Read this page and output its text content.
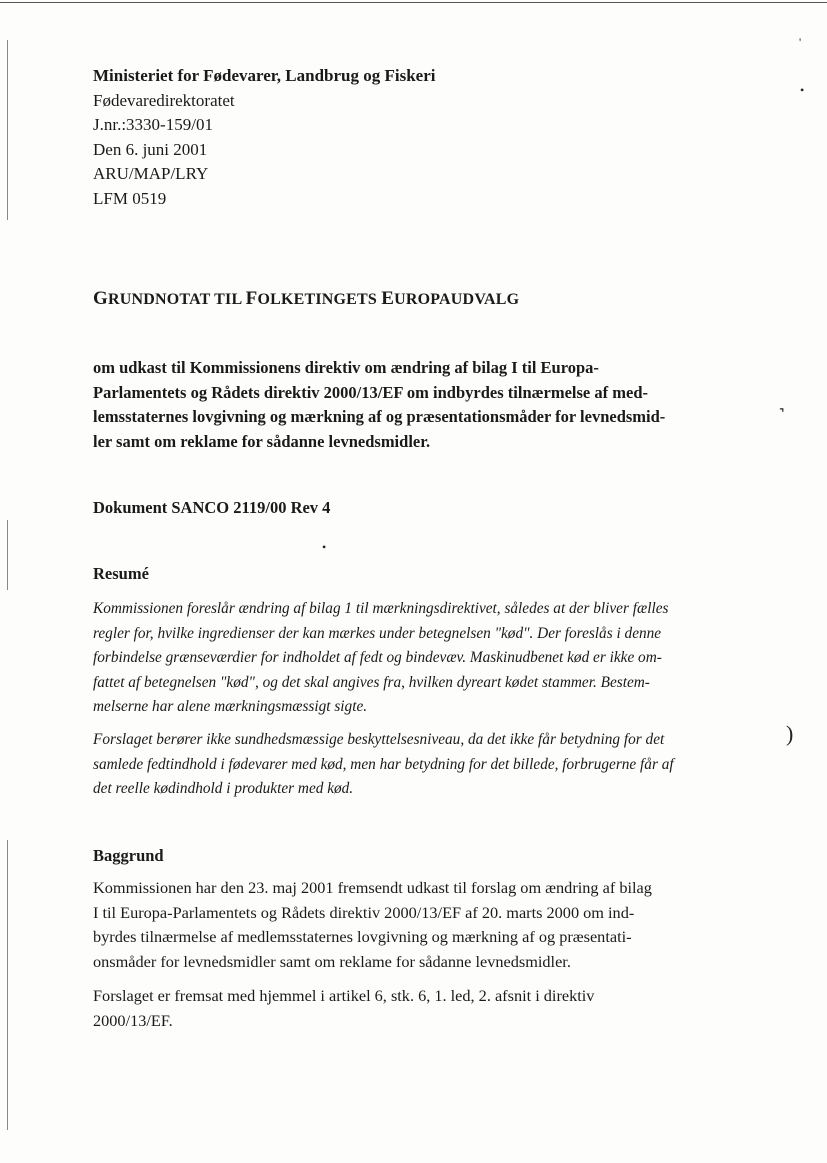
'
•
•
˺
)
Ministeriet for Fødevarer, Landbrug og Fiskeri
Fødevaredirektoratet
J.nr.:3330-159/01
Den 6. juni 2001
ARU/MAP/LRY
LFM 0519
GRUNDNOTAT TIL FOLKETINGETS EUROPAUDVALG
om udkast til Kommissionens direktiv om ændring af bilag I til Europa-
Parlamentets og Rådets direktiv 2000/13/EF om indbyrdes tilnærmelse af med-
lemsstaternes lovgivning og mærkning af og præsentationsmåder for levnedsmid-
ler samt om reklame for sådanne levnedsmidler.
Dokument SANCO 2119/00 Rev 4
Resumé
Kommissionen foreslår ændring af bilag 1 til mærkningsdirektivet, således at der bliver fælles
regler for, hvilke ingredienser der kan mærkes under betegnelsen "kød". Der foreslås i denne
forbindelse grænseværdier for indholdet af fedt og bindevæv. Maskinudbenet kød er ikke om-
fattet af betegnelsen "kød", og det skal angives fra, hvilken dyreart kødet stammer. Bestem-
melserne har alene mærkningsmæssigt sigte.
Forslaget berører ikke sundhedsmæssige beskyttelsesniveau, da det ikke får betydning for det
samlede fedtindhold i fødevarer med kød, men har betydning for det billede, forbrugerne får af
det reelle kødindhold i produkter med kød.
Baggrund
Kommissionen har den 23. maj 2001 fremsendt udkast til forslag om ændring af bilag
I til Europa-Parlamentets og Rådets direktiv 2000/13/EF af 20. marts 2000 om ind-
byrdes tilnærmelse af medlemsstaternes lovgivning og mærkning af og præsentati-
onsmåder for levnedsmidler samt om reklame for sådanne levnedsmidler.
Forslaget er fremsat med hjemmel i artikel 6, stk. 6, 1. led, 2. afsnit i direktiv
2000/13/EF.
